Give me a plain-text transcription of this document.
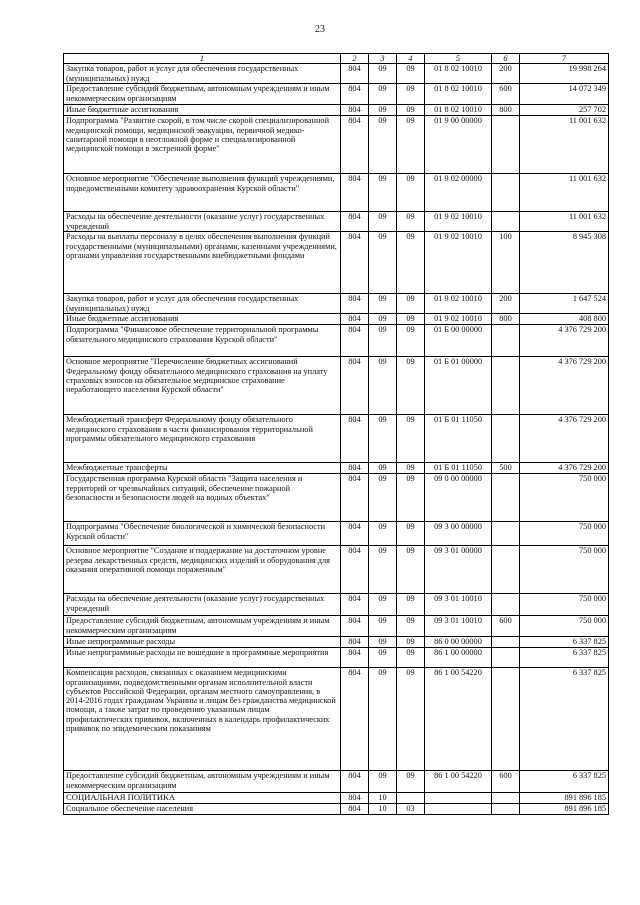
23
1	2	3	4	5	6	7
Закупка товаров, работ и услуг для обеспечения государственных (муниципальных) нужд	804	09	09	01 8 02 10010	200	19 998 264
Предоставление субсидий бюджетным, автономным учреждениям и иным некоммерческим организациям	804	09	09	01 8 02 10010	600	14 072 349
Иные бюджетные ассигнования	804	09	09	01 8 02 10010	800	257 702
Подпрограмма "Развитие скорой, в том числе скорой специализированной медицинской помощи, медицинской эвакуации, первичной медико-санитарной помощи в неотложной форме и специализированной медицинской помощи в экстренной форме"	804	09	09	01 9 00 00000		11 001 632
Основное мероприятие "Обеспечение выполнения функций учреждениями, подведомственными комитету здравоохранения Курской области"	804	09	09	01 9 02 00000		11 001 632
Расходы на обеспечение деятельности (оказание услуг) государственных учреждений	804	09	09	01 9 02 10010		11 001 632
Расходы на выплаты персоналу в целях обеспечения выполнения функций государственными (муниципальными) органами, казенными учреждениями, органами управления государственными внебюджетными фондами	804	09	09	01 9 02 10010	100	8 945 308
Закупка товаров, работ и услуг для обеспечения государственных (муниципальных) нужд	804	09	09	01 9 02 10010	200	1 647 524
Иные бюджетные ассигнования	804	09	09	01 9 02 10010	800	408 800
Подпрограмма "Финансовое обеспечение территориальной программы обязательного медицинского страхования Курской области"	804	09	09	01 Б 00 00000		4 376 729 200
Основное мероприятие "Перечисление бюджетных ассигнований Федеральному фонду обязательного медицинского страхования на уплату страховых взносов на обязательное медицинское страхование неработающего населения Курской области"	804	09	09	01 Б 01 00000		4 376 729 200
Межбюджетный трансферт Федеральному фонду обязательного медицинского страхования в части финансирования территориальной программы обязательного медицинского страхования	804	09	09	01 Б 01 11050		4 376 729 200
Межбюджетные трансферты	804	09	09	01 Б 01 11050	500	4 376 729 200
Государственная программа Курской области "Защита населения и территорий от чрезвычайных ситуаций, обеспечение пожарной безопасности и безопасности людей на водных объектах"	804	09	09	09 0 00 00000		750 000
Подпрограмма "Обеспечение биологической и химической безопасности Курской области"	804	09	09	09 3 00 00000		750 000
Основное мероприятие "Создание и поддержание на достаточном уровне резерва лекарственных средств, медицинских изделий и оборудования для оказания оперативной помощи пораженным"	804	09	09	09 3 01 00000		750 000
Расходы на обеспечение деятельности (оказание услуг) государственных учреждений	804	09	09	09 3 01 10010		750 000
Предоставление субсидий бюджетным, автономным учреждениям и иным некоммерческим организациям	804	09	09	09 3 01 10010	600	750 000
Иные непрограммные расходы	804	09	09	86 0 00 00000		6 337 825
Иные непрограммные расходы не вошедшие в программные мероприятия	804	09	09	86 1 00 00000		6 337 825
Компенсация расходов, связанных с оказанием медицинскими организациями, подведомственными органам исполнительной власти субъектов Российской Федерации, органам местного самоуправления, в 2014-2016 годах гражданам Украины и лицам без гражданства медицинской помощи, а также затрат по проведению указанным лицам профилактических прививок, включенных в календарь профилактических прививок по эпидемическим показаниям	804	09	09	86 1 00 54220		6 337 825
Предоставление субсидий бюджетным, автономным учреждениям и иным некоммерческим организациям	804	09	09	86 1 00 54220	600	6 337 825
СОЦИАЛЬНАЯ ПОЛИТИКА	804	10				891 896 185
Социальное обеспечение населения	804	10	03			891 896 185
